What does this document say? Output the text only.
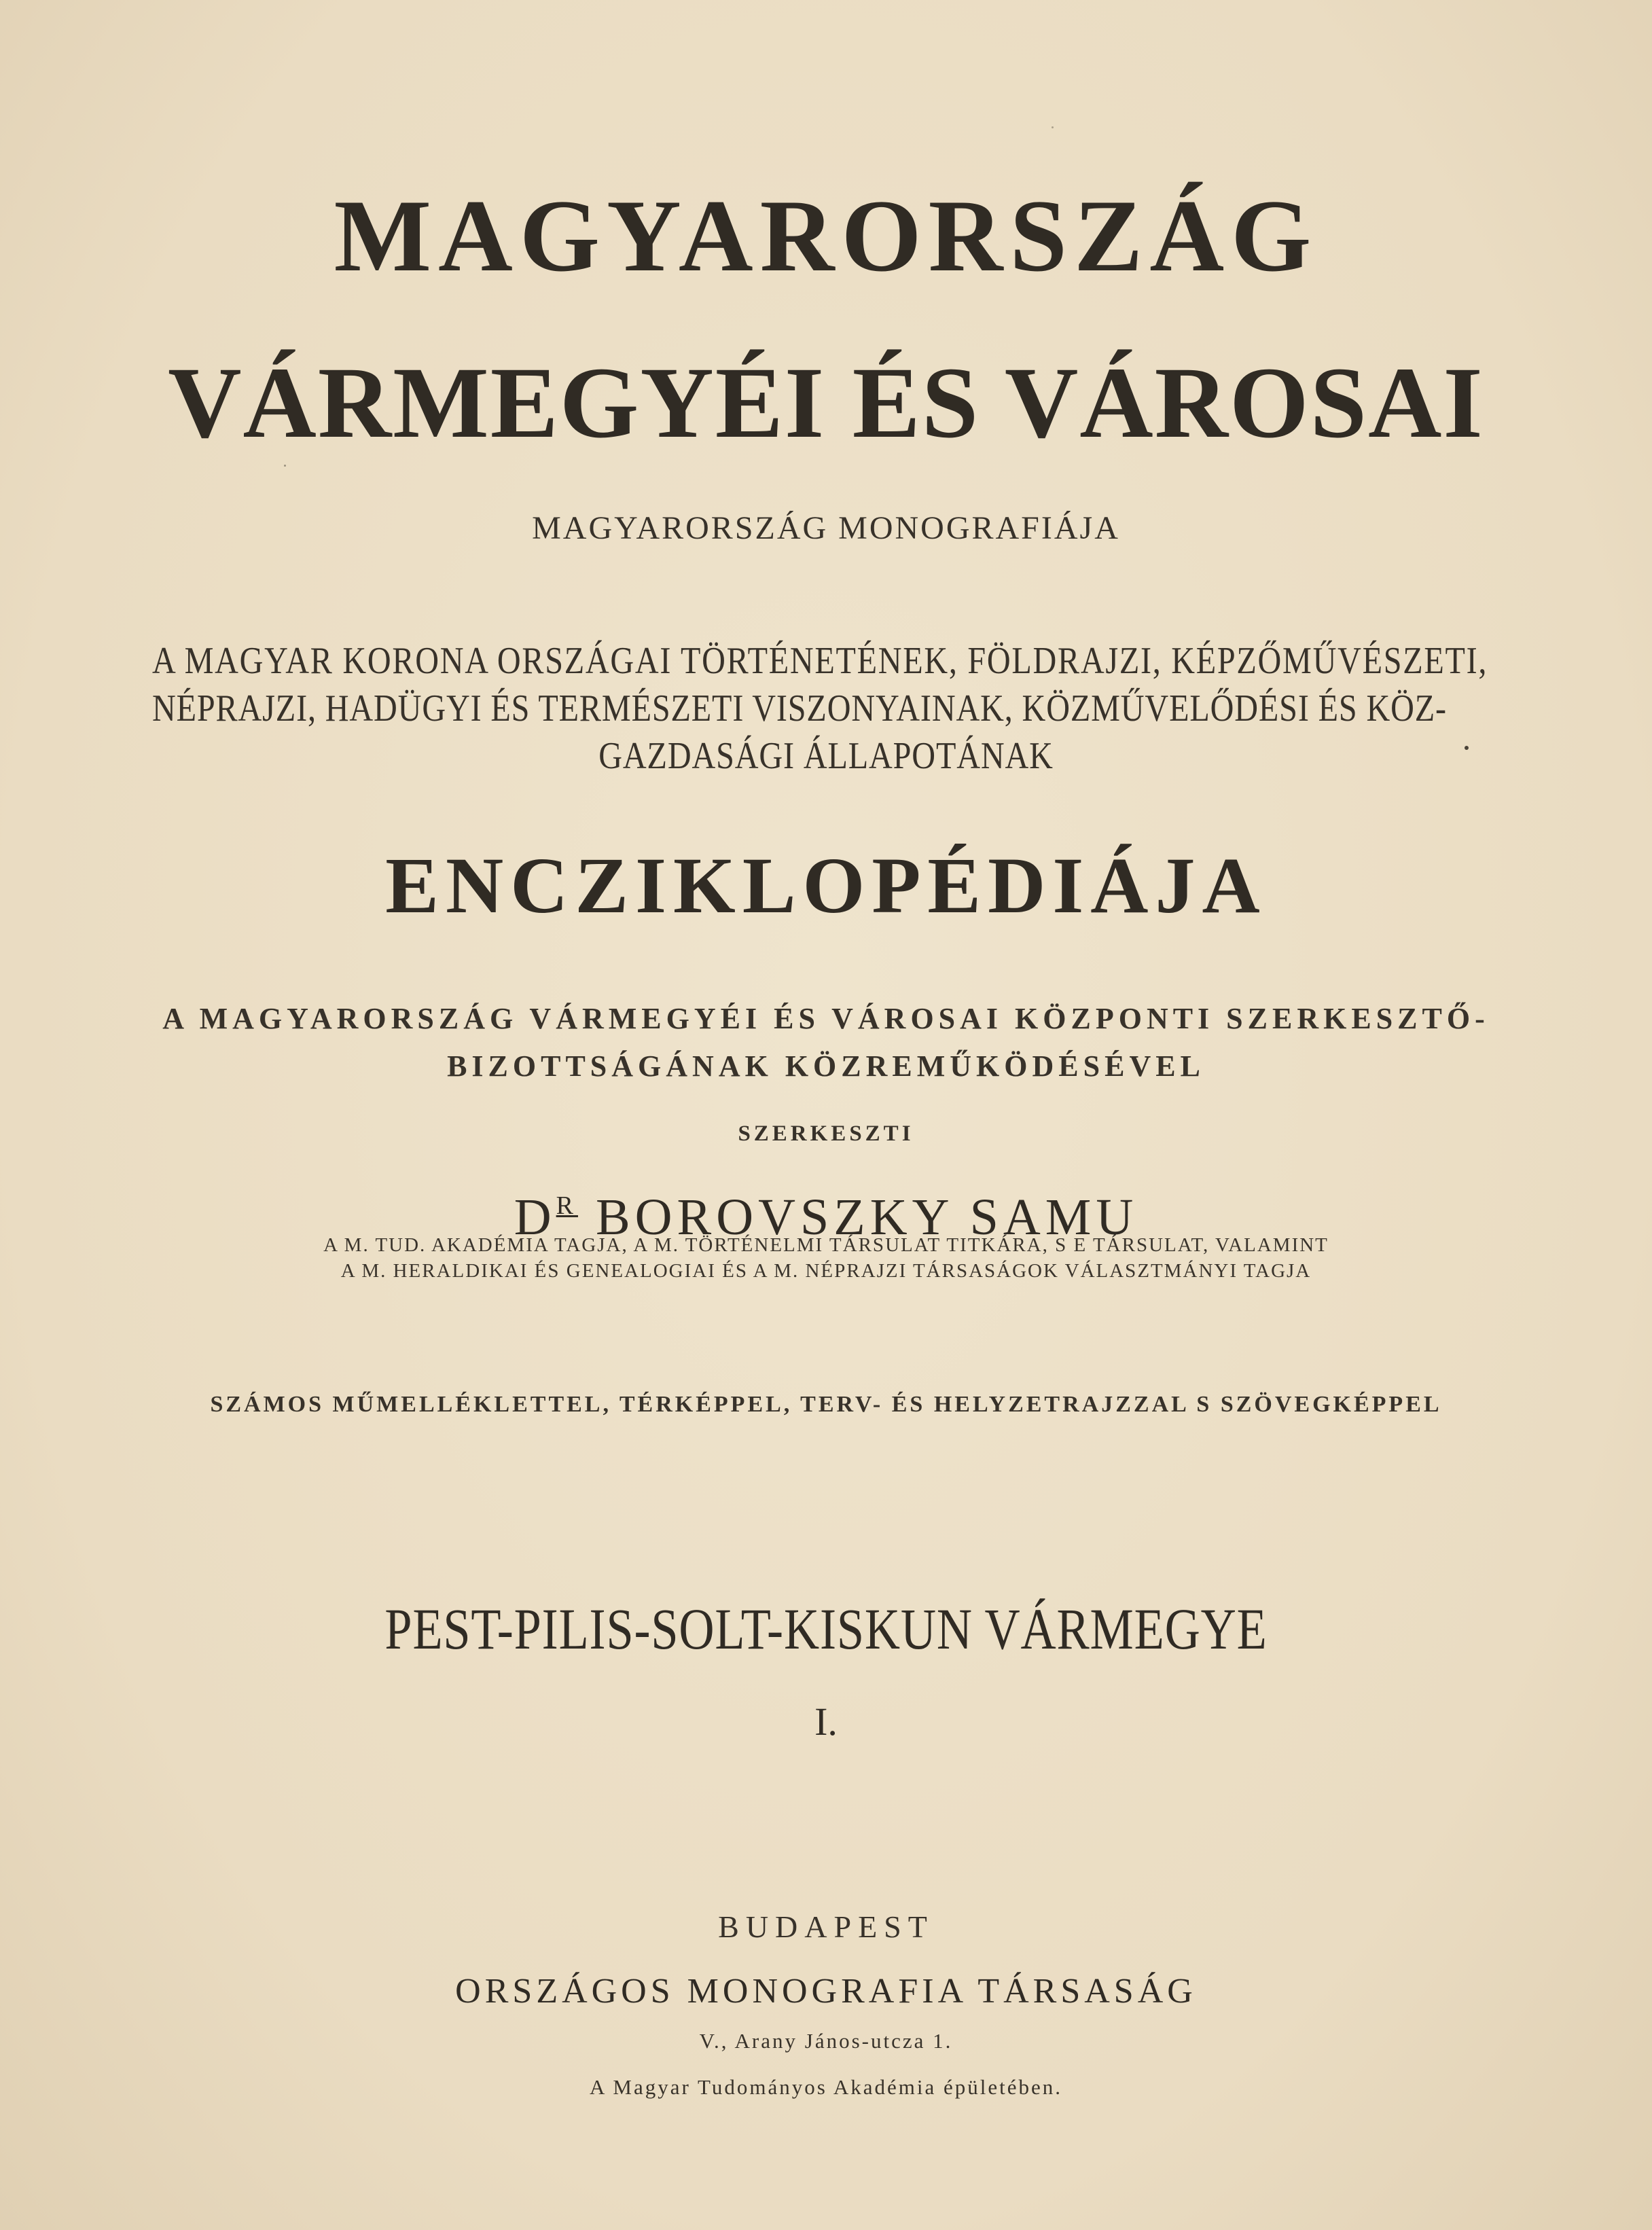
MAGYARORSZÁG
VÁRMEGYÉI ÉS VÁROSAI
MAGYARORSZÁG MONOGRAFIÁJA
A MAGYAR KORONA ORSZÁGAI TÖRTÉNETÉNEK, FÖLDRAJZI, KÉPZŐMŰVÉSZETI,
NÉPRAJZI, HADÜGYI ÉS TERMÉSZETI VISZONYAINAK, KÖZMŰVELŐDÉSI ÉS KÖZ-
GAZDASÁGI ÁLLAPOTÁNAK
ENCZIKLOPÉDIÁJA
A MAGYARORSZÁG VÁRMEGYÉI ÉS VÁROSAI KÖZPONTI SZERKESZTŐ-
BIZOTTSÁGÁNAK KÖZREMŰKÖDÉSÉVEL
SZERKESZTI
$D^R$ BOROVSZKY SAMU
A M. TUD. AKADÉMIA TAGJA, A M. TÖRTÉNELMI TÁRSULAT TITKÁRA, S E TÁRSULAT, VALAMINT
A M. HERALDIKAI ÉS GENEALOGIAI ÉS A M. NÉPRAJZI TÁRSASÁGOK VÁLASZTMÁNYI TAGJA
SZÁMOS MŰMELLÉKLETTEL, TÉRKÉPPEL, TERV- ÉS HELYZETRAJZZAL S SZÖVEGKÉPPEL
PEST-PILIS-SOLT-KISKUN VÁRMEGYE
I.
BUDAPEST
ORSZÁGOS MONOGRAFIA TÁRSASÁG
V., Arany János-utcza 1.
A Magyar Tudományos Akadémia épületében.
